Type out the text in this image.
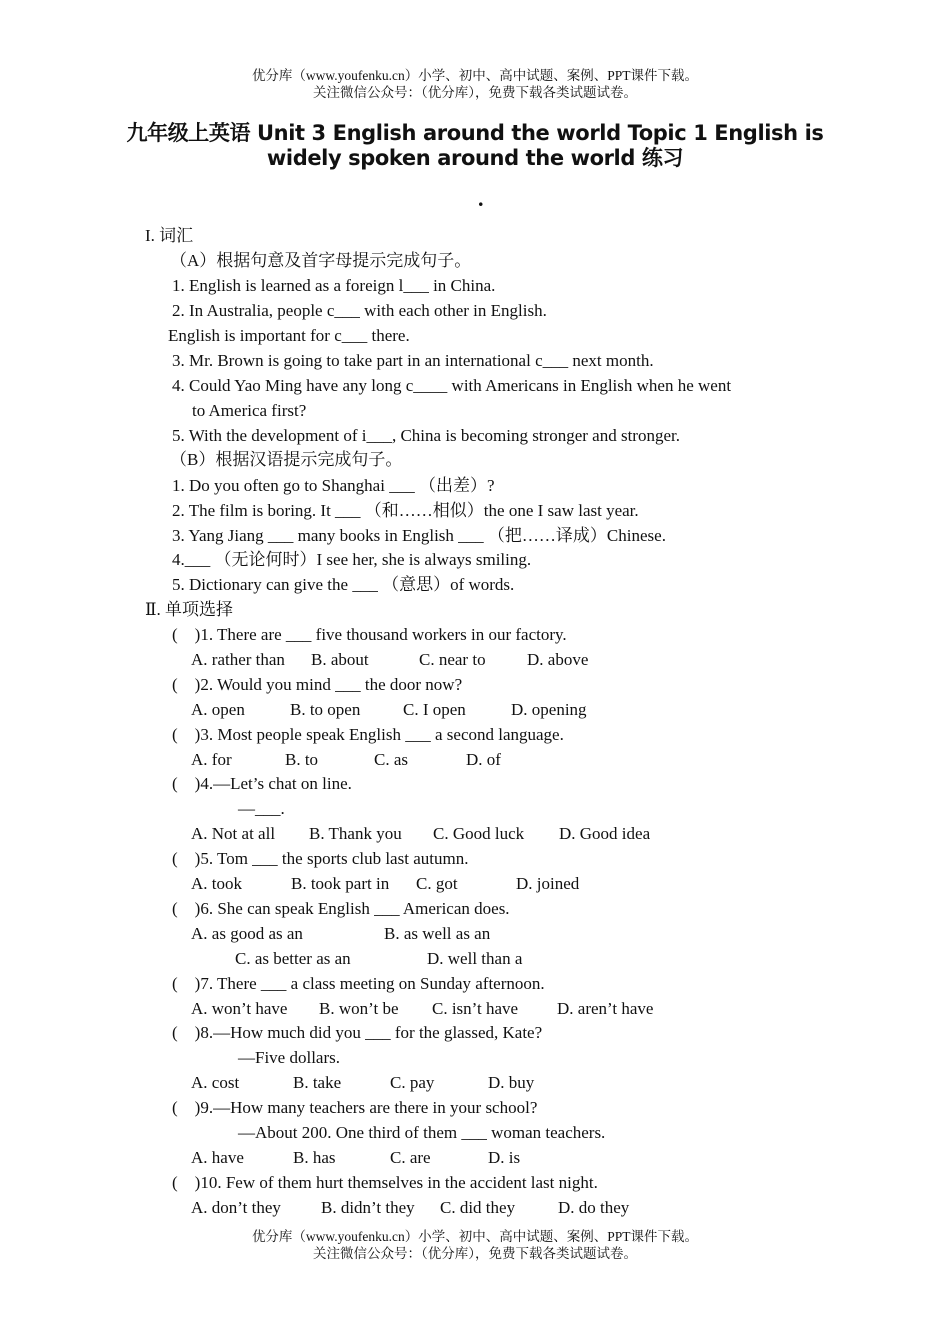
优分库（www.youfenku.cn）小学、初中、高中试题、案例、PPT课件下载。
关注微信公众号：（优分库），免费下载各类试题试卷。
九年级上英语 Unit 3 English around the world Topic 1 English is
widely spoken around the world 练习
.
I. 词汇
（A）根据句意及首字母提示完成句子。
1. English is learned as a foreign l___ in China.
2. In Australia, people c___ with each other in English.
English is important for c___ there.
3. Mr. Brown is going to take part in an international c___ next month.
4. Could Yao Ming have any long c____ with Americans in English when he went
to America first?
5. With the development of i___, China is becoming stronger and stronger.
（B）根据汉语提示完成句子。
1. Do you often go to Shanghai ___ （出差）?
2. The film is boring. It ___ （和……相似）the one I saw last year.
3. Yang Jiang ___ many books in English ___ （把……译成）Chinese.
4.___ （无论何时）I see her, she is always smiling.
5. Dictionary can give the ___ （意思）of words.
Ⅱ. 单项选择
(    )1. There are ___ five thousand workers in our factory.
A. rather than B. about	C. near to D. above
(    )2. Would you mind ___ the door now?
A. open	B. to open	C. I open	D. opening
(    )3. Most people speak English ___ a second language.
A. for	B. to	C. as	D. of
(    )4.—Let’s chat on line.
—___.
A. Not at all B. Thank you C. Good luck D. Good idea
(    )5. Tom ___ the sports club last autumn.
A. took	B. took part in C. got	D. joined
(    )6. She can speak English ___ American does.
A. as good as an	B. as well as an
C. as better as an	D. well than a
(    )7. There ___ a class meeting on Sunday afternoon.
A. won’t have B. won’t be C. isn’t have D. aren’t have
(    )8.—How much did you ___ for the glassed, Kate?
—Five dollars.
A. cost	B. take	C. pay	D. buy
(    )9.—How many teachers are there in your school?
—About 200. One third of them ___ woman teachers.
A. have	B. has	C. are	D. is
(    )10. Few of them hurt themselves in the accident last night.
A. don’t they B. didn’t they C. did they	D. do they
优分库（www.youfenku.cn）小学、初中、高中试题、案例、PPT课件下载。
关注微信公众号：（优分库），免费下载各类试题试卷。
